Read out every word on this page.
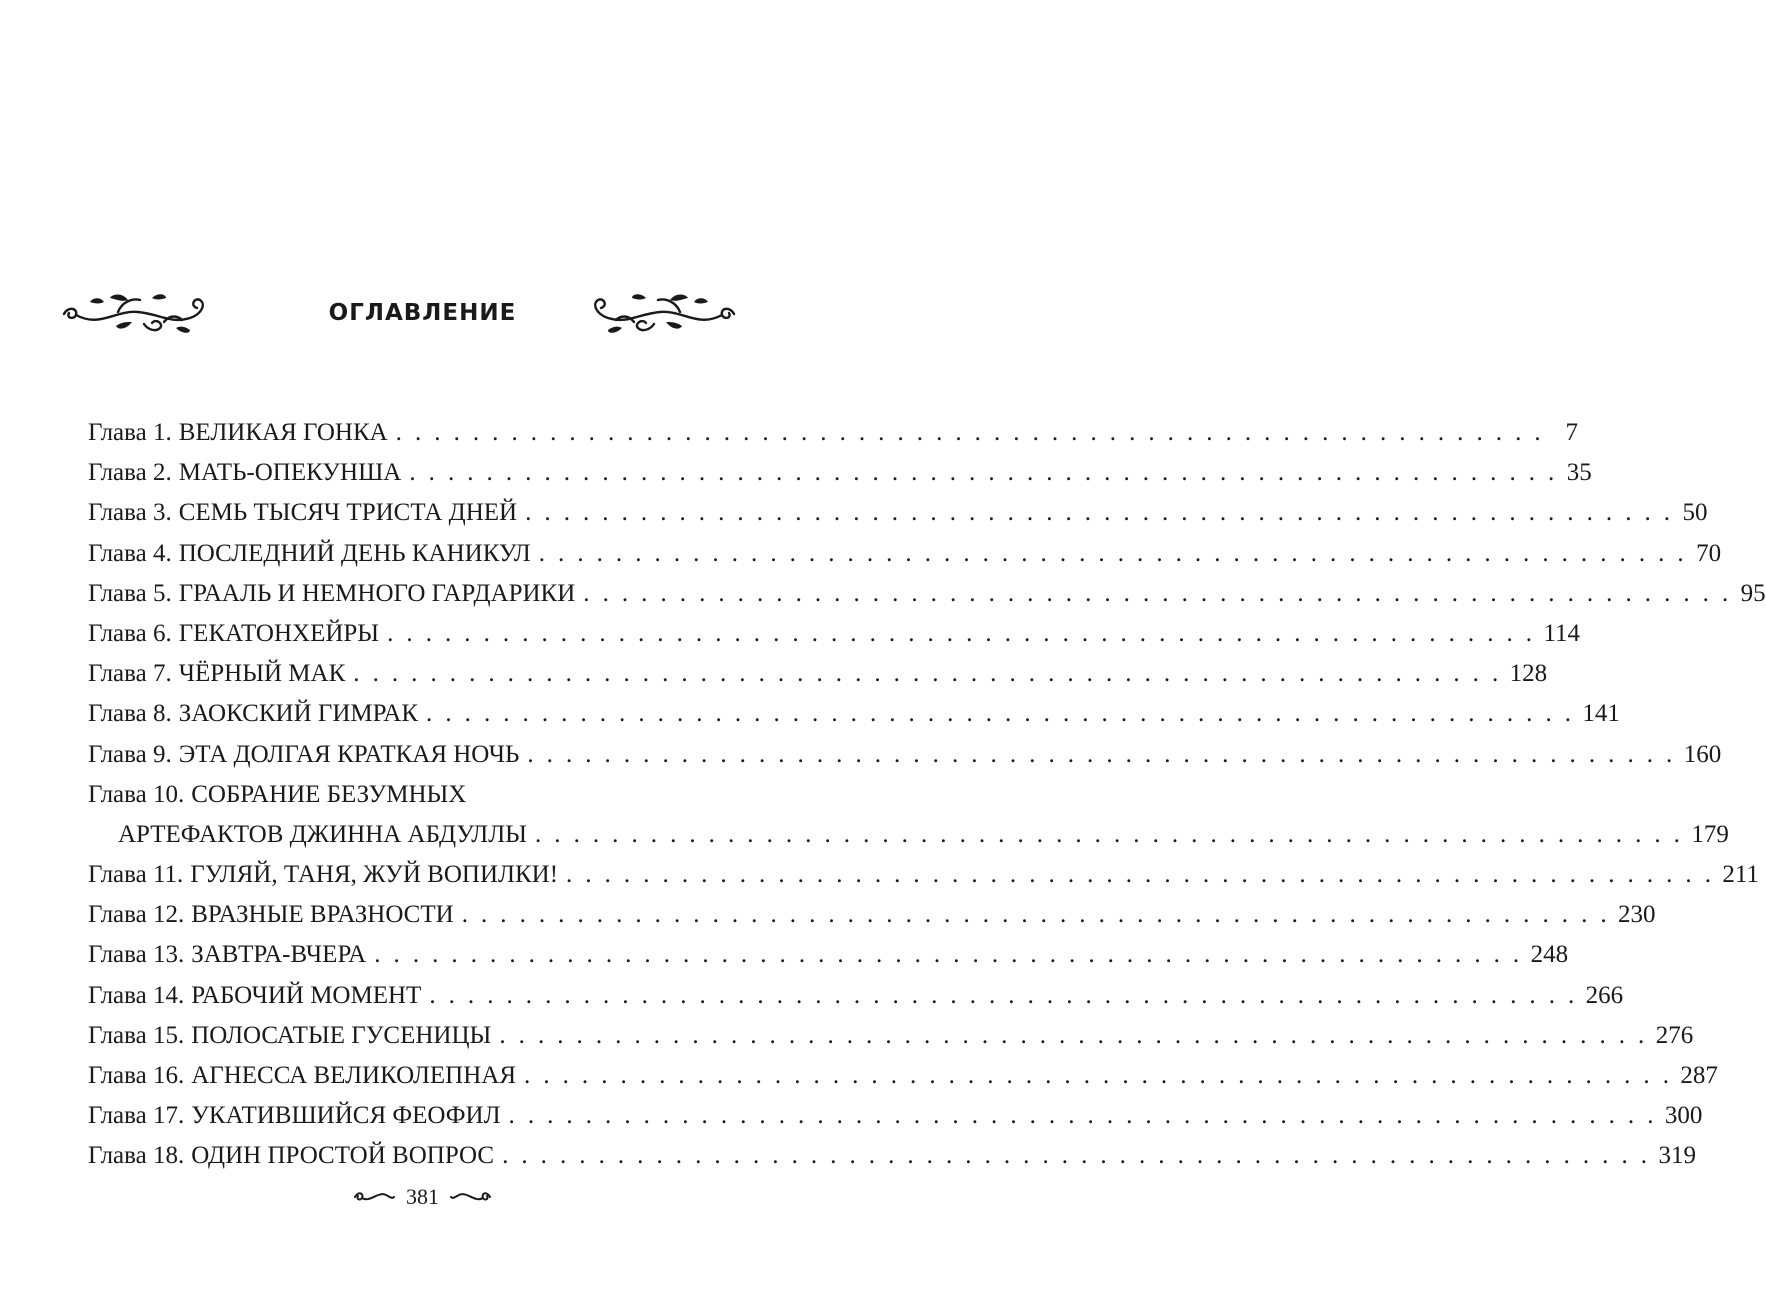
ОГЛАВЛЕНИЕ
Глава 1. ВЕЛИКАЯ ГОНКА . . . . . . . . . . . . . . . . . . . . . . . . . . . . . . . . . . . . . . . . . . . . . . . . . . . . . . . . . . . . 7
Глава 2. МАТЬ-ОПЕКУНША . . . . . . . . . . . . . . . . . . . . . . . . . . . . . . . . . . . . . . . . . . . . . . . . . . . . . . . . . . . . 35
Глава 3. СЕМЬ ТЫСЯЧ ТРИСТА ДНЕЙ . . . . . . . . . . . . . . . . . . . . . . . . . . . . . . . . . . . . . . . . . . . . . . . . . . . . . . . . . . . . 50
Глава 4. ПОСЛЕДНИЙ ДЕНЬ КАНИКУЛ . . . . . . . . . . . . . . . . . . . . . . . . . . . . . . . . . . . . . . . . . . . . . . . . . . . . . . . . . . . . 70
Глава 5. ГРААЛЬ И НЕМНОГО ГАРДАРИКИ . . . . . . . . . . . . . . . . . . . . . . . . . . . . . . . . . . . . . . . . . . . . . . . . . . . . . . . . . . . . 95
Глава 6. ГЕКАТОНХЕЙРЫ . . . . . . . . . . . . . . . . . . . . . . . . . . . . . . . . . . . . . . . . . . . . . . . . . . . . . . . . . . . . 114
Глава 7. ЧЁРНЫЙ МАК . . . . . . . . . . . . . . . . . . . . . . . . . . . . . . . . . . . . . . . . . . . . . . . . . . . . . . . . . . . . 128
Глава 8. ЗАОКСКИЙ ГИМРАК . . . . . . . . . . . . . . . . . . . . . . . . . . . . . . . . . . . . . . . . . . . . . . . . . . . . . . . . . . . . 141
Глава 9. ЭТА ДОЛГАЯ КРАТКАЯ НОЧЬ . . . . . . . . . . . . . . . . . . . . . . . . . . . . . . . . . . . . . . . . . . . . . . . . . . . . . . . . . . . . 160
Глава 10. СОБРАНИЕ БЕЗУМНЫХ
АРТЕФАКТОВ ДЖИННА АБДУЛЛЫ . . . . . . . . . . . . . . . . . . . . . . . . . . . . . . . . . . . . . . . . . . . . . . . . . . . . . . . . . . . . 179
Глава 11. ГУЛЯЙ, ТАНЯ, ЖУЙ ВОПИЛКИ! . . . . . . . . . . . . . . . . . . . . . . . . . . . . . . . . . . . . . . . . . . . . . . . . . . . . . . . . . . . . 211
Глава 12. ВРАЗНЫЕ ВРАЗНОСТИ . . . . . . . . . . . . . . . . . . . . . . . . . . . . . . . . . . . . . . . . . . . . . . . . . . . . . . . . . . . . 230
Глава 13. ЗАВТРА-ВЧЕРА . . . . . . . . . . . . . . . . . . . . . . . . . . . . . . . . . . . . . . . . . . . . . . . . . . . . . . . . . . . . 248
Глава 14. РАБОЧИЙ МОМЕНТ . . . . . . . . . . . . . . . . . . . . . . . . . . . . . . . . . . . . . . . . . . . . . . . . . . . . . . . . . . . . 266
Глава 15. ПОЛОСАТЫЕ ГУСЕНИЦЫ . . . . . . . . . . . . . . . . . . . . . . . . . . . . . . . . . . . . . . . . . . . . . . . . . . . . . . . . . . . . 276
Глава 16. АГНЕССА ВЕЛИКОЛЕПНАЯ . . . . . . . . . . . . . . . . . . . . . . . . . . . . . . . . . . . . . . . . . . . . . . . . . . . . . . . . . . . . 287
Глава 17. УКАТИВШИЙСЯ ФЕОФИЛ . . . . . . . . . . . . . . . . . . . . . . . . . . . . . . . . . . . . . . . . . . . . . . . . . . . . . . . . . . . . 300
Глава 18. ОДИН ПРОСТОЙ ВОПРОС . . . . . . . . . . . . . . . . . . . . . . . . . . . . . . . . . . . . . . . . . . . . . . . . . . . . . . . . . . . . 319
381
